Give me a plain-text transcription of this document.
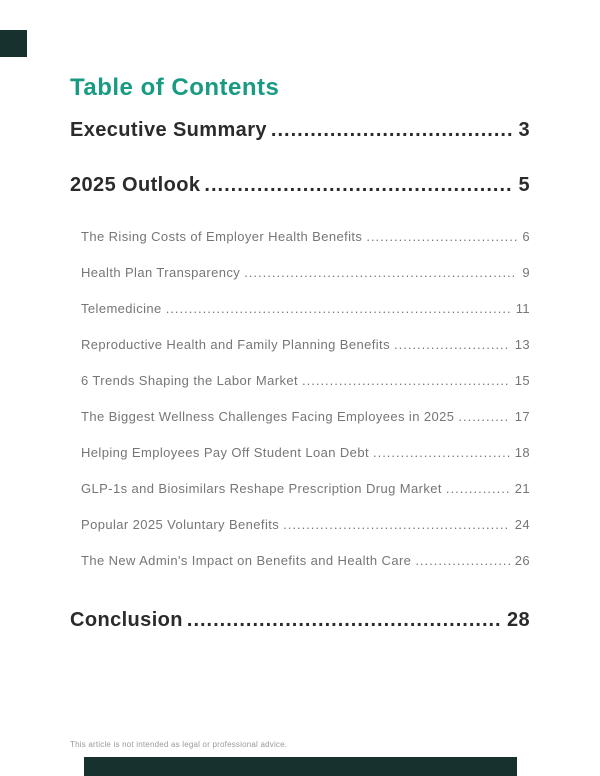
Table of Contents
Executive Summary .....	3
2025 Outlook .....	5
The Rising Costs of Employer Health Benefits .....	6
Health Plan Transparency .....	9
Telemedicine .....	11
Reproductive Health and Family Planning Benefits .....	13
6 Trends Shaping the Labor Market .....	15
The Biggest Wellness Challenges Facing Employees in 2025 .....	17
Helping Employees Pay Off Student Loan Debt .....	18
GLP-1s and Biosimilars Reshape Prescription Drug Market .....	21
Popular 2025 Voluntary Benefits .....	24
The New Admin's Impact on Benefits and Health Care .....	26
Conclusion .....	28
This article is not intended as legal or professional advice.
